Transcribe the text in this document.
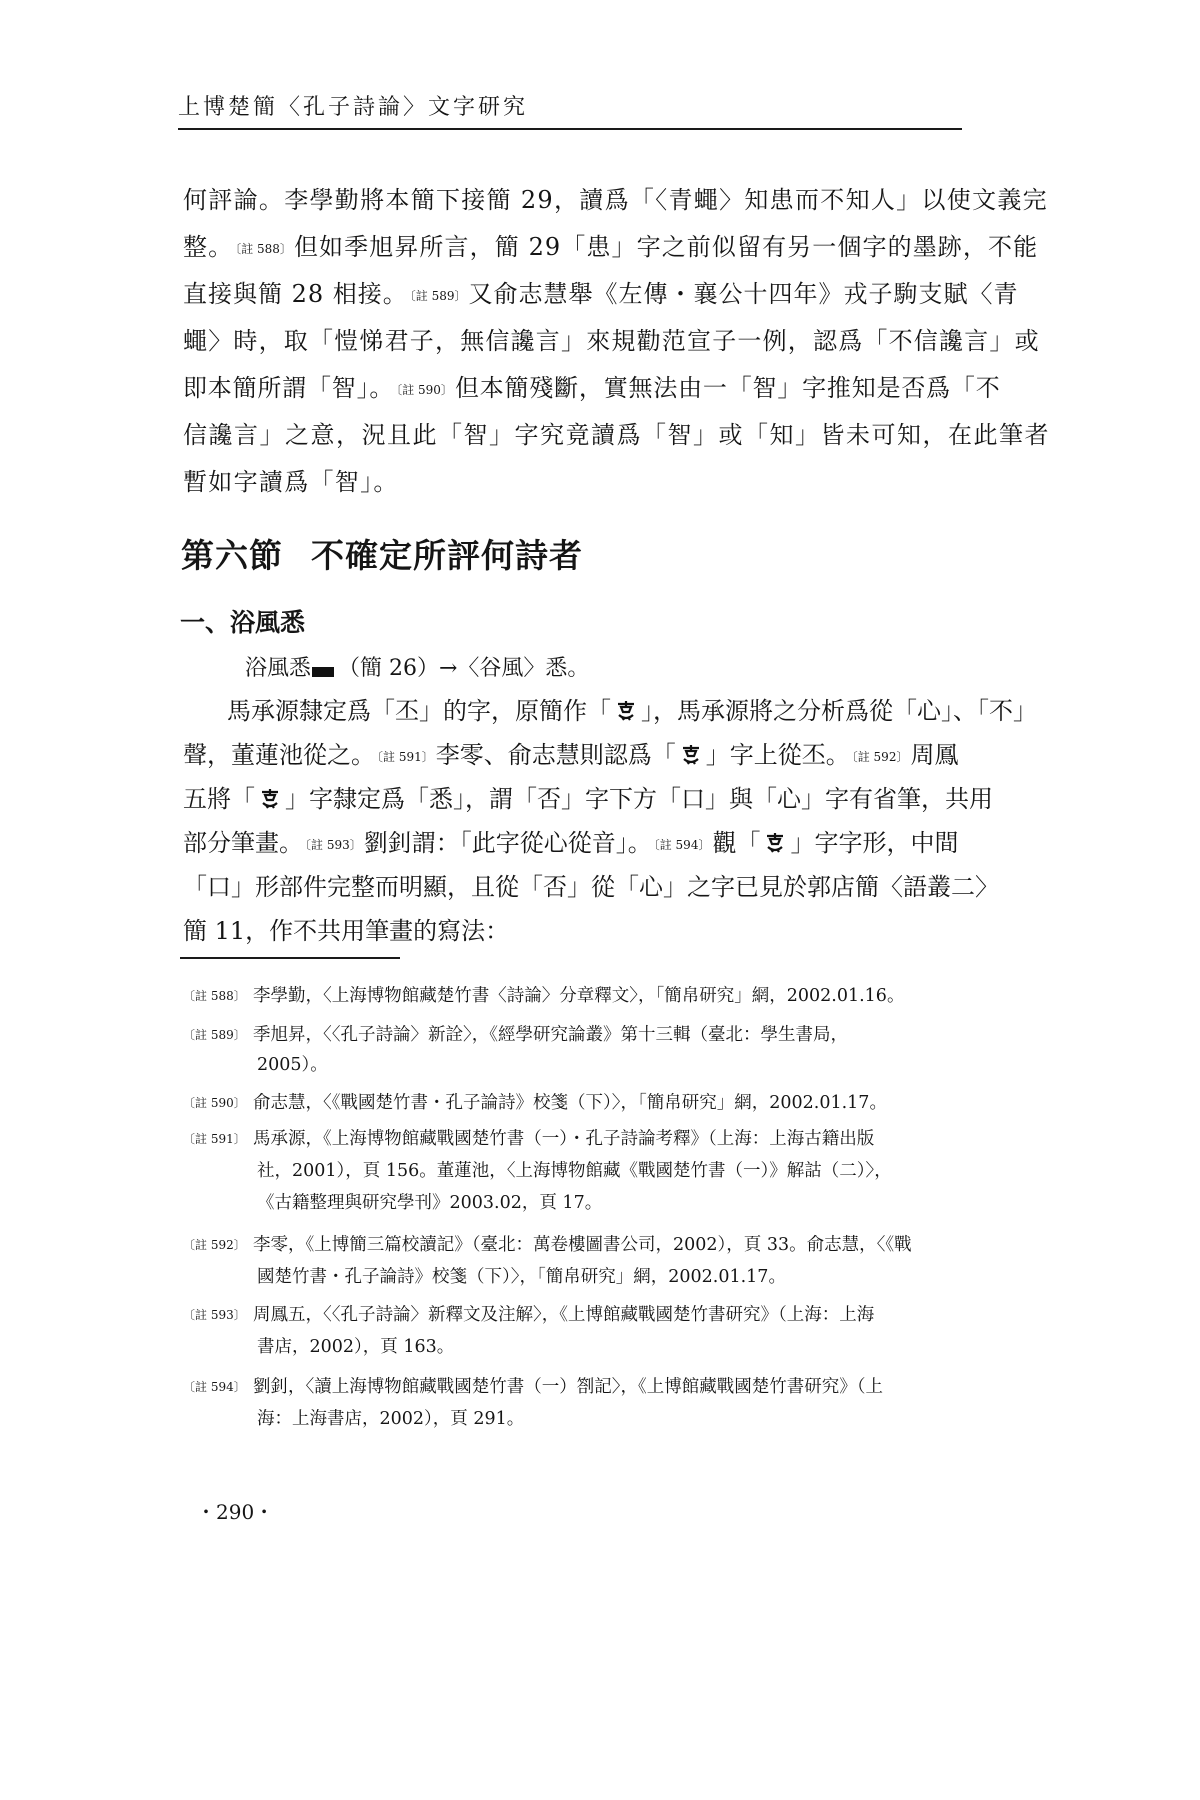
上博楚簡〈孔子詩論〉文字研究
何評論。李學勤將本簡下接簡 29，讀爲「〈青蠅〉知患而不知人」以使文義完
整。 〔註 588〕但如季旭昇所言，簡 29「患」字之前似留有另一個字的墨跡，不能
直接與簡 28 相接。 〔註 589〕又俞志慧舉《左傳・襄公十四年》戎子駒支賦〈青
蠅〉時，取「愷悌君子，無信讒言」來規勸范宣子一例，認爲「不信讒言」或
即本簡所謂「智」。 〔註 590〕但本簡殘斷，實無法由一「智」字推知是否爲「不
信讒言」之意，況且此「智」字究竟讀爲「智」或「知」皆未可知，在此筆者
暫如字讀爲「智」。
第六節 不確定所評何詩者
一、浴風悉
浴風悉 （簡 26）→〈谷風〉悉。
馬承源隸定爲「丕」的字，原簡作「 」，馬承源將之分析爲從「心」、「不」
聲，董蓮池從之。 〔註 591〕李零、俞志慧則認爲「 」字上從丕。 〔註 592〕周鳳
五將「 」字隸定爲「悉」，謂「否」字下方「口」與「心」字有省筆，共用
部分筆畫。 〔註 593〕劉釗謂：「此字從心從音」。 〔註 594〕觀「 」字字形，中間
「口」形部件完整而明顯，且從「否」從「心」之字已見於郭店簡〈語叢二〉
簡 11，作不共用筆畫的寫法：
〔註 588〕 李學勤，〈上海博物館藏楚竹書〈詩論〉分章釋文〉，「簡帛研究」網，2002.01.16。
〔註 589〕 季旭昇，〈〈孔子詩論〉新詮〉，《經學研究論叢》第十三輯（臺北：學生書局，
2005）。
〔註 590〕 俞志慧，〈《戰國楚竹書・孔子論詩》校箋（下）〉，「簡帛研究」網，2002.01.17。
〔註 591〕 馬承源，《上海博物館藏戰國楚竹書（一）・孔子詩論考釋》（上海：上海古籍出版
社，2001），頁 156。董蓮池，〈上海博物館藏《戰國楚竹書（一）》解詁（二）〉，
《古籍整理與研究學刊》2003.02，頁 17。
〔註 592〕 李零，《上博簡三篇校讀記》（臺北：萬卷樓圖書公司，2002），頁 33。俞志慧，〈《戰
國楚竹書・孔子論詩》校箋（下）〉，「簡帛研究」網，2002.01.17。
〔註 593〕 周鳳五，〈〈孔子詩論〉新釋文及注解〉，《上博館藏戰國楚竹書研究》（上海：上海
書店，2002），頁 163。
〔註 594〕 劉釗，〈讀上海博物館藏戰國楚竹書（一）劄記〉，《上博館藏戰國楚竹書研究》（上
海：上海書店，2002），頁 291。
・290・
